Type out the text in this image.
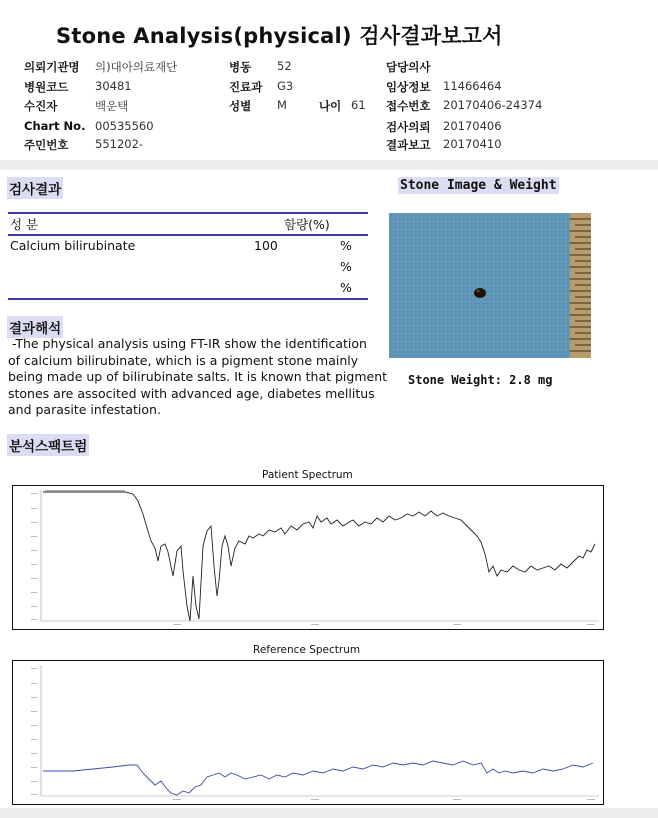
Stone Analysis(physical) 검사결과보고서
의뢰기관명 의)대아의료재단
병원코드 30481
수진자	백운택
Chart No. 00535560
주민번호 551202-
병동 52
진료과 G3
성별 M	나이 61
담당의사
임상정보 11466464
접수번호 20170406-24374
검사의뢰 20170406
결과보고 20170410
검사결과
성 분	함량(%)
Calcium bilirubinate	100	%
%
%
결과해석
-The physical analysis using FT-IR show the identification
of calcium bilirubinate, which is a pigment stone mainly
being made up of bilirubinate salts. It is known that pigment
stones are associted with advanced age, diabetes mellitus
and parasite infestation.
Stone Image & Weight
Stone Weight: 2.8 mg
분석스팩트럼
Patient Spectrum
Reference Spectrum
